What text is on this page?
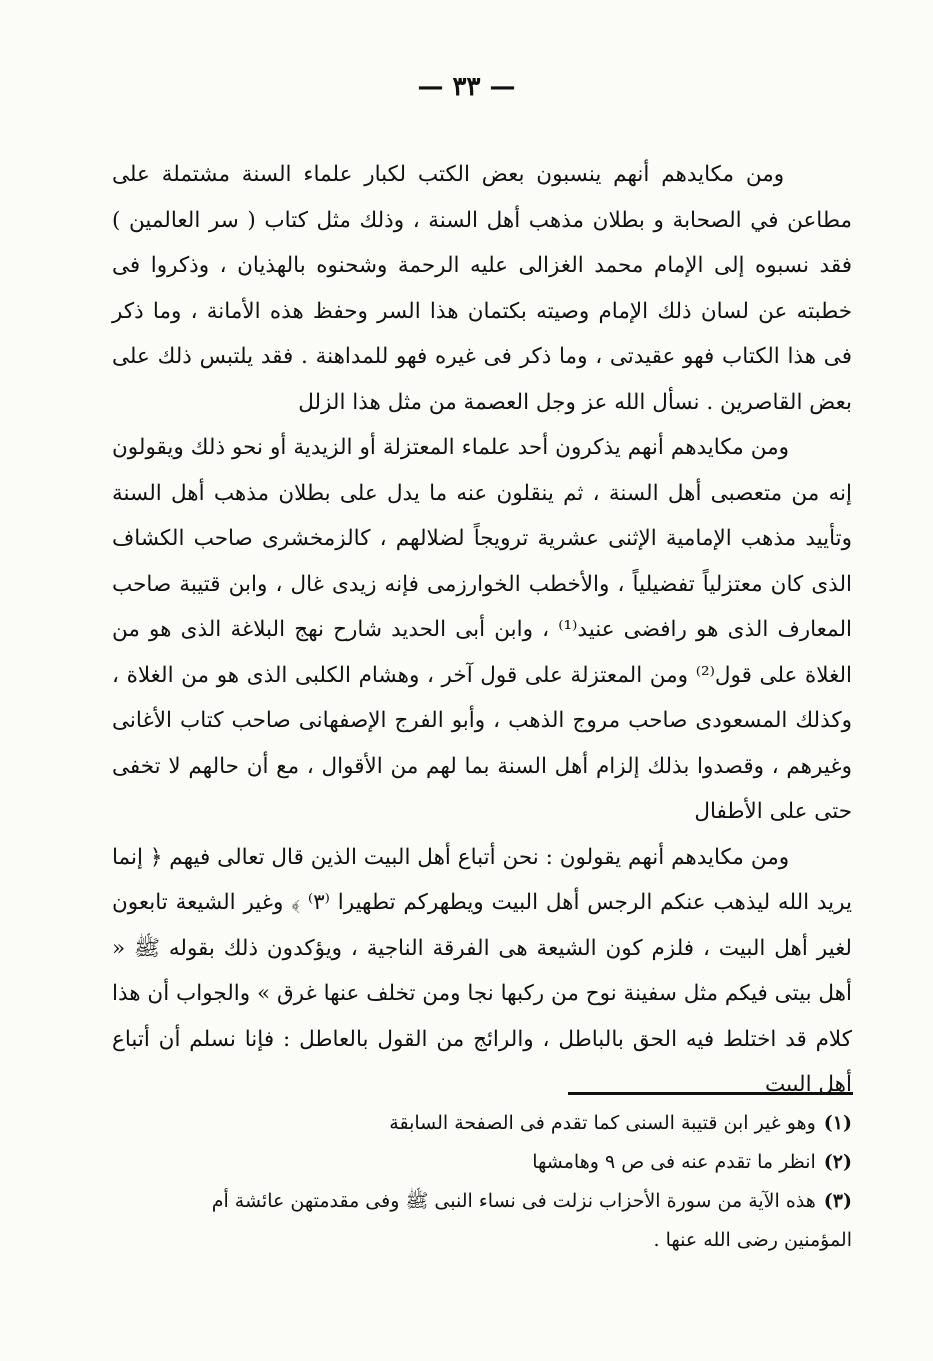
— ٣٣ —

ومن مكايدهم أنهم ينسبون بعض الكتب لكبار علماء السنة مشتملة على مطاعن في الصحابة و بطلان مذهب أهل السنة ، وذلك مثل كتاب ( سر العالمين ) فقد نسبوه إلى الإمام محمد الغزالى عليه الرحمة وشحنوه بالهذيان ، وذكروا فى خطبته عن لسان ذلك الإمام وصيته بكتمان هذا السر وحفظ هذه الأمانة ، وما ذكر فى هذا الكتاب فهو عقيدتى ، وما ذكر فى غيره فهو للمداهنة . فقد يلتبس ذلك على بعض القاصرين . نسأل الله عز وجل العصمة من مثل هذا الزلل

ومن مكايدهم أنهم يذكرون أحد علماء المعتزلة أو الزيدية أو نحو ذلك ويقولون إنه من متعصبى أهل السنة ، ثم ينقلون عنه ما يدل على بطلان مذهب أهل السنة وتأييد مذهب الإمامية الإثنى عشرية ترويجاً لضلالهم ، كالزمخشرى صاحب الكشاف الذى كان معتزلياً تفضيلياً ، والأخطب الخوارزمى فإنه زيدى غال ، وابن قتيبة صاحب المعارف الذى هو رافضى عنيد⁽¹⁾ ، وابن أبى الحديد شارح نهج البلاغة الذى هو من الغلاة على قول⁽²⁾ ومن المعتزلة على قول آخر ، وهشام الكلبى الذى هو من الغلاة ، وكذلك المسعودى صاحب مروج الذهب ، وأبو الفرج الإصفهانى صاحب كتاب الأغانى وغيرهم ، وقصدوا بذلك إلزام أهل السنة بما لهم من الأقوال ، مع أن حالهم لا تخفى حتى على الأطفال

ومن مكايدهم أنهم يقولون : نحن أتباع أهل البيت الذين قال تعالى فيهم ﴿ إنما يريد الله ليذهب عنكم الرجس أهل البيت ويطهركم تطهيرا ⁽٣⁾ ﴾ وغير الشيعة تابعون لغير أهل البيت ، فلزم كون الشيعة هى الفرقة الناجية ، ويؤكدون ذلك بقوله ﷺ « أهل بيتى فيكم مثل سفينة نوح من ركبها نجا ومن تخلف عنها غرق » والجواب أن هذا كلام قد اختلط فيه الحق بالباطل ، والرائج من القول بالعاطل : فإنا نسلم أن أتباع أهل البيت

(١)وهو غير ابن قتيبة السنى كما تقدم فى الصفحة السابقة

(٢)انظر ما تقدم عنه فى ص ٩ وهامشها

(٣)هذه الآية من سورة الأحزاب نزلت فى نساء النبى ﷺ وفى مقدمتهن عائشة أم

المؤمنين رضى الله عنها .
